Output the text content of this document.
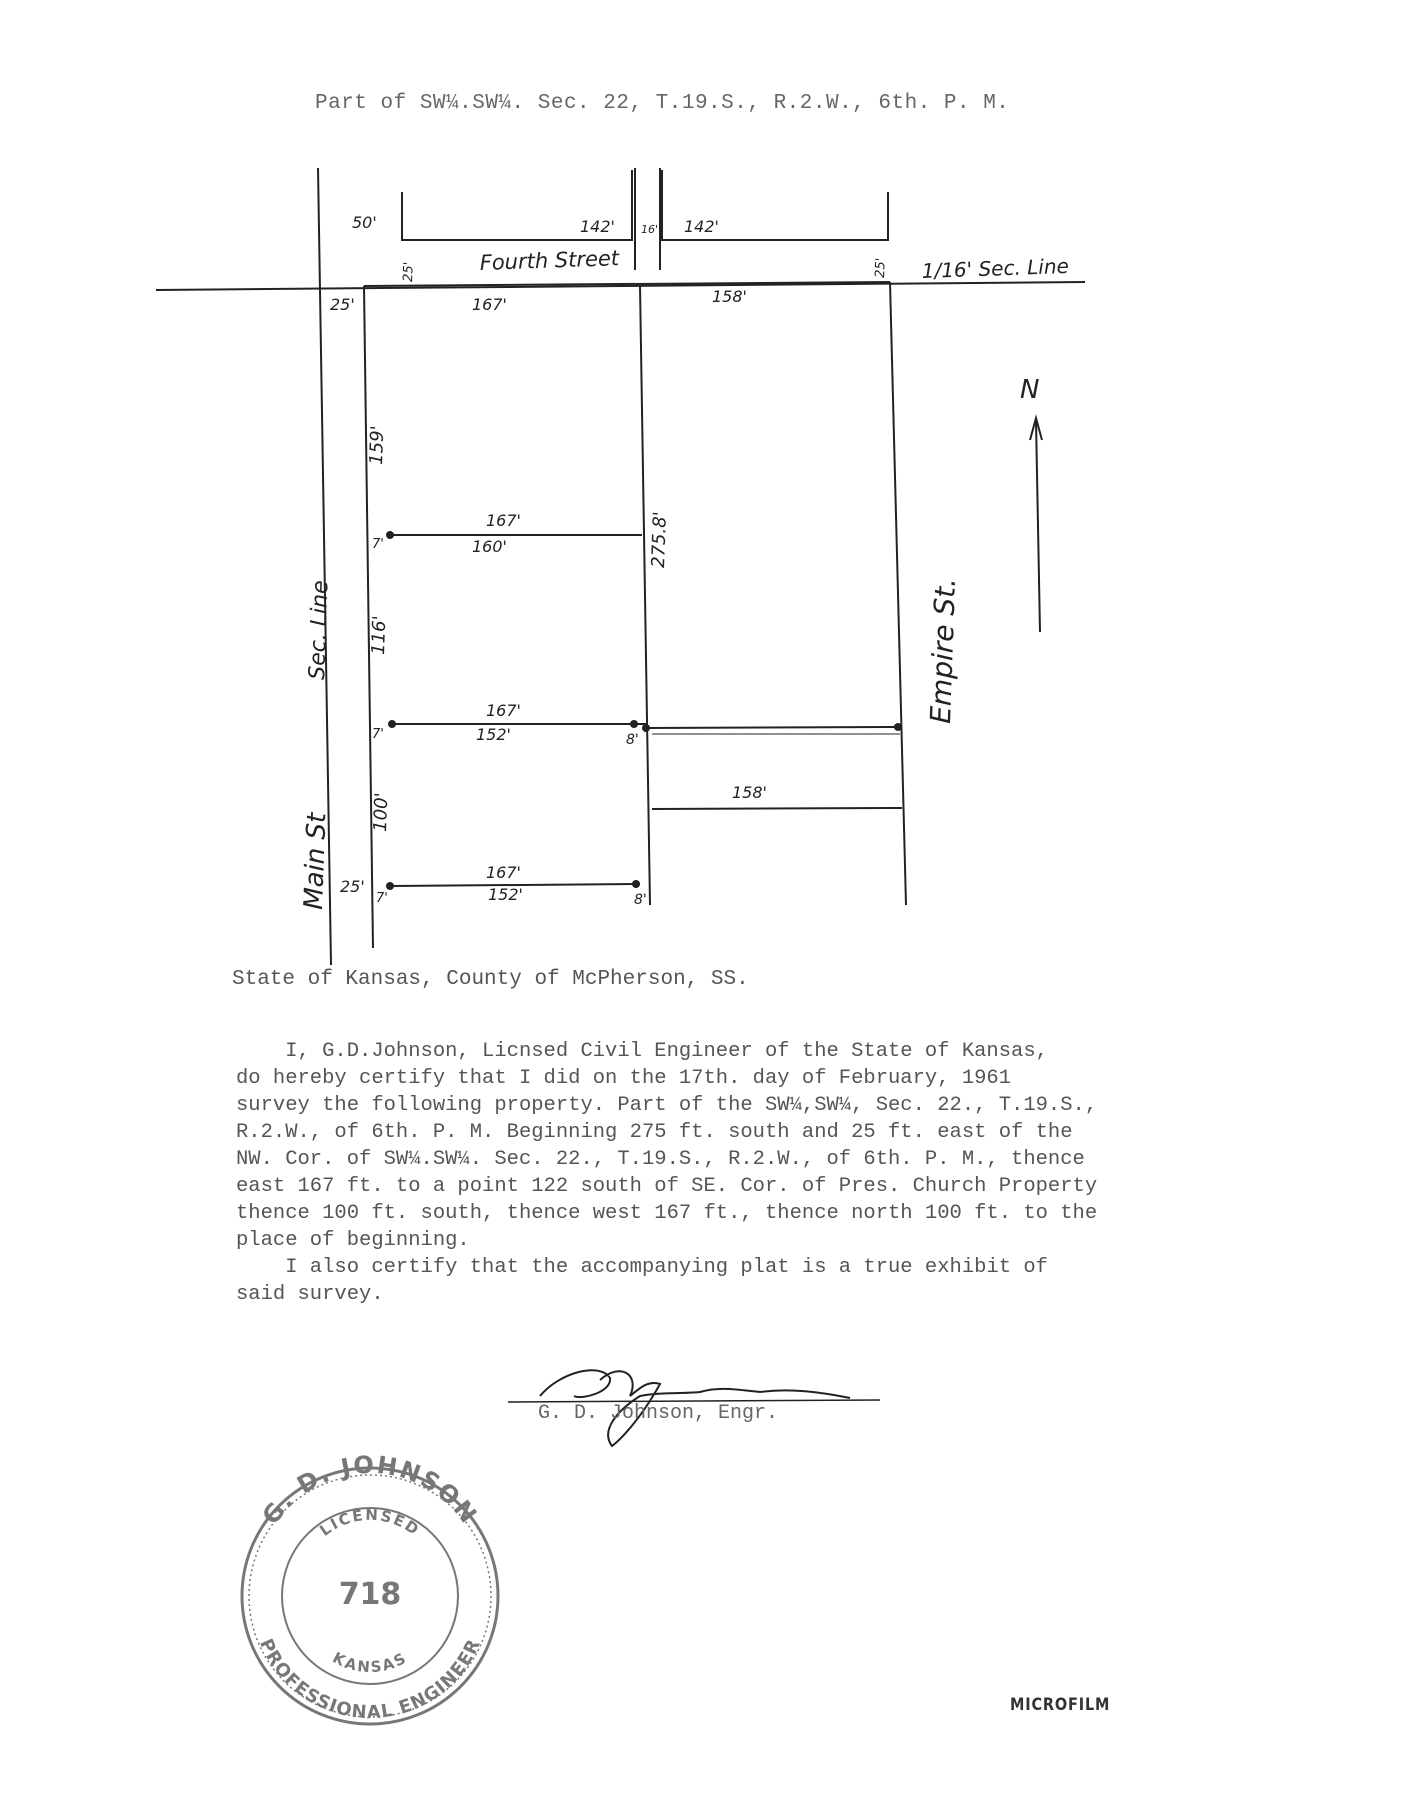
Part of SW¼.SW¼. Sec. 22, T.19.S., R.2.W., 6th. P. M.
Fourth Street	1/16' Sec. Line
Main St
Sec. Line	Empire St.
N
50'	142' 16' 142'
25'	25'
25'	167'	158'
159'
116'
100'
275.8'
167'
160'
7'
167'
152'
7'	8'
158'
167'
152'
7'	8'
25'
G. D. JOHNSON
PROFESSIONAL ENGINEER
LICENSED
KANSAS
718
State of Kansas, County of McPherson, SS.

I, G.D.Johnson, Licnsed Civil Engineer of the State of Kansas,

do hereby certify that I did on the 17th. day of February, 1961

survey the following property. Part of the SW¼,SW¼, Sec. 22., T.19.S.,

R.2.W., of 6th. P. M. Beginning 275 ft. south and 25 ft. east of the

NW. Cor. of SW¼.SW¼. Sec. 22., T.19.S., R.2.W., of 6th. P. M., thence

east 167 ft. to a point 122 south of SE. Cor. of Pres. Church Property

thence 100 ft. south, thence west 167 ft., thence north 100 ft. to the

place of beginning.

I also certify that the accompanying plat is a true exhibit of

said survey.

G. D. Johnson, Engr.
MICROFILM
